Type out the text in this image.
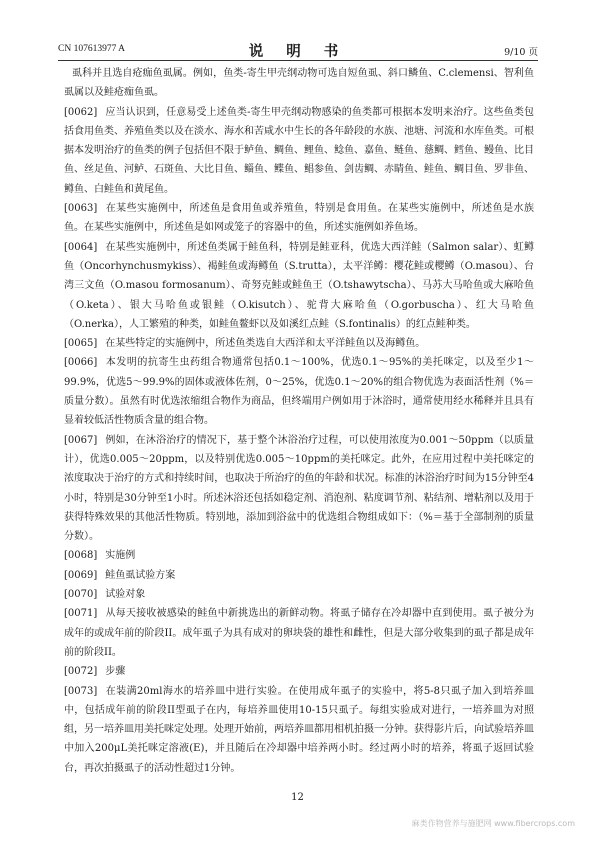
CN 107613977 A	说 明 书	9/10 页

虱科并且选自疮痂鱼虱属。例如，鱼类-寄生甲壳纲动物可选自短鱼虱、斜口鳞鱼、C.clemensi、智利鱼虱属以及鲑疮痂鱼虱。

[0062] 应当认识到，任意易受上述鱼类-寄生甲壳纲动物感染的鱼类都可根据本发明来治疗。这些鱼类包括食用鱼类、养殖鱼类以及在淡水、海水和苦咸水中生长的各年龄段的水族、池塘、河流和水库鱼类。可根据本发明治疗的鱼类的例子包括但不限于鲈鱼、鲷鱼、鲤鱼、鲶鱼、嘉鱼、鲢鱼、慈鲷、鳕鱼、鳗鱼、比目鱼、丝足鱼、河鲈、石斑鱼、大比目鱼、鲻鱼、鲽鱼、鲳参鱼、剑齿鲷、赤睛鱼、鲑鱼、鲷目鱼、罗非鱼、鳟鱼、白鲑鱼和黄尾鱼。

[0063] 在某些实施例中，所述鱼是食用鱼或养殖鱼，特别是食用鱼。在某些实施例中，所述鱼是水族鱼。在某些实施例中，所述鱼是如网或笼子的容器中的鱼，所述实施例如养鱼场。

[0064] 在某些实施例中，所述鱼类属于鲑鱼科，特别是鲑亚科，优选大西洋鲑（Salmon salar）、虹鳟鱼（Oncorhynchusmykiss）、褐鲑鱼或海鳟鱼（S.trutta），太平洋鳟：樱花鲑或樱鳟（O.masou）、台湾三文鱼（O.masou formosanum）、奇努克鲑或鲑鱼王（O.tshawytscha）、马苏大马哈鱼或大麻哈鱼（O.keta）、银大马哈鱼或银鲑（O.kisutch）、驼背大麻哈鱼（O.gorbuscha）、红大马哈鱼（O.nerka），人工繁殖的种类，如鲑鱼鳌虾以及如溪红点鲑（S.fontinalis）的红点鲑种类。

[0065] 在某些特定的实施例中，所述鱼类选自大西洋和太平洋鲑鱼以及海鳟鱼。

[0066] 本发明的抗寄生虫药组合物通常包括0.1～100%，优选0.1～95%的美托咪定，以及至少1～99.9%，优选5～99.9%的固体或液体佐剂，0～25%，优选0.1～20%的组合物优选为表面活性剂（%＝质量分数）。虽然有时优选浓缩组合物作为商品，但终端用户例如用于沐浴时，通常使用经水稀释并且具有显着较低活性物质含量的组合物。

[0067] 例如，在沐浴治疗的情况下，基于整个沐浴治疗过程，可以使用浓度为0.001～50ppm（以质量计），优选0.005～20ppm，以及特别优选0.005～10ppm的美托咪定。此外，在应用过程中美托咪定的浓度取决于治疗的方式和持续时间，也取决于所治疗的鱼的年龄和状况。标准的沐浴治疗时间为15分钟至4小时，特别是30分钟至1小时。所述沐浴还包括如稳定剂、消泡剂、粘度调节剂、粘结剂、增粘剂以及用于获得特殊效果的其他活性物质。特别地，添加到浴盆中的优选组合物组成如下：（%＝基于全部制剂的质量分数）。

[0068] 实施例

[0069] 鲑鱼虱试验方案

[0070] 试验对象

[0071] 从每天接收被感染的鲑鱼中新挑选出的新鲜动物。将虱子储存在冷却器中直到使用。虱子被分为成年的或成年前的阶段II。成年虱子为具有成对的卵块袋的雄性和雌性，但是大部分收集到的虱子都是成年前的阶段II。

[0072] 步骤

[0073] 在装满20ml海水的培养皿中进行实验。在使用成年虱子的实验中，将5-8只虱子加入到培养皿中，包括成年前的阶段II型虱子在内，每培养皿使用10-15只虱子。每组实验成对进行，一培养皿为对照组，另一培养皿用美托咪定处理。处理开始前，两培养皿都用相机拍摄一分钟。获得影片后，向试验培养皿中加入200μL美托咪定溶液(E)，并且随后在冷却器中培养两小时。经过两小时的培养，将虱子返回试验台，再次拍摄虱子的活动性超过1分钟。

12
麻类作物营养与施肥网 www.fibercrops.com
